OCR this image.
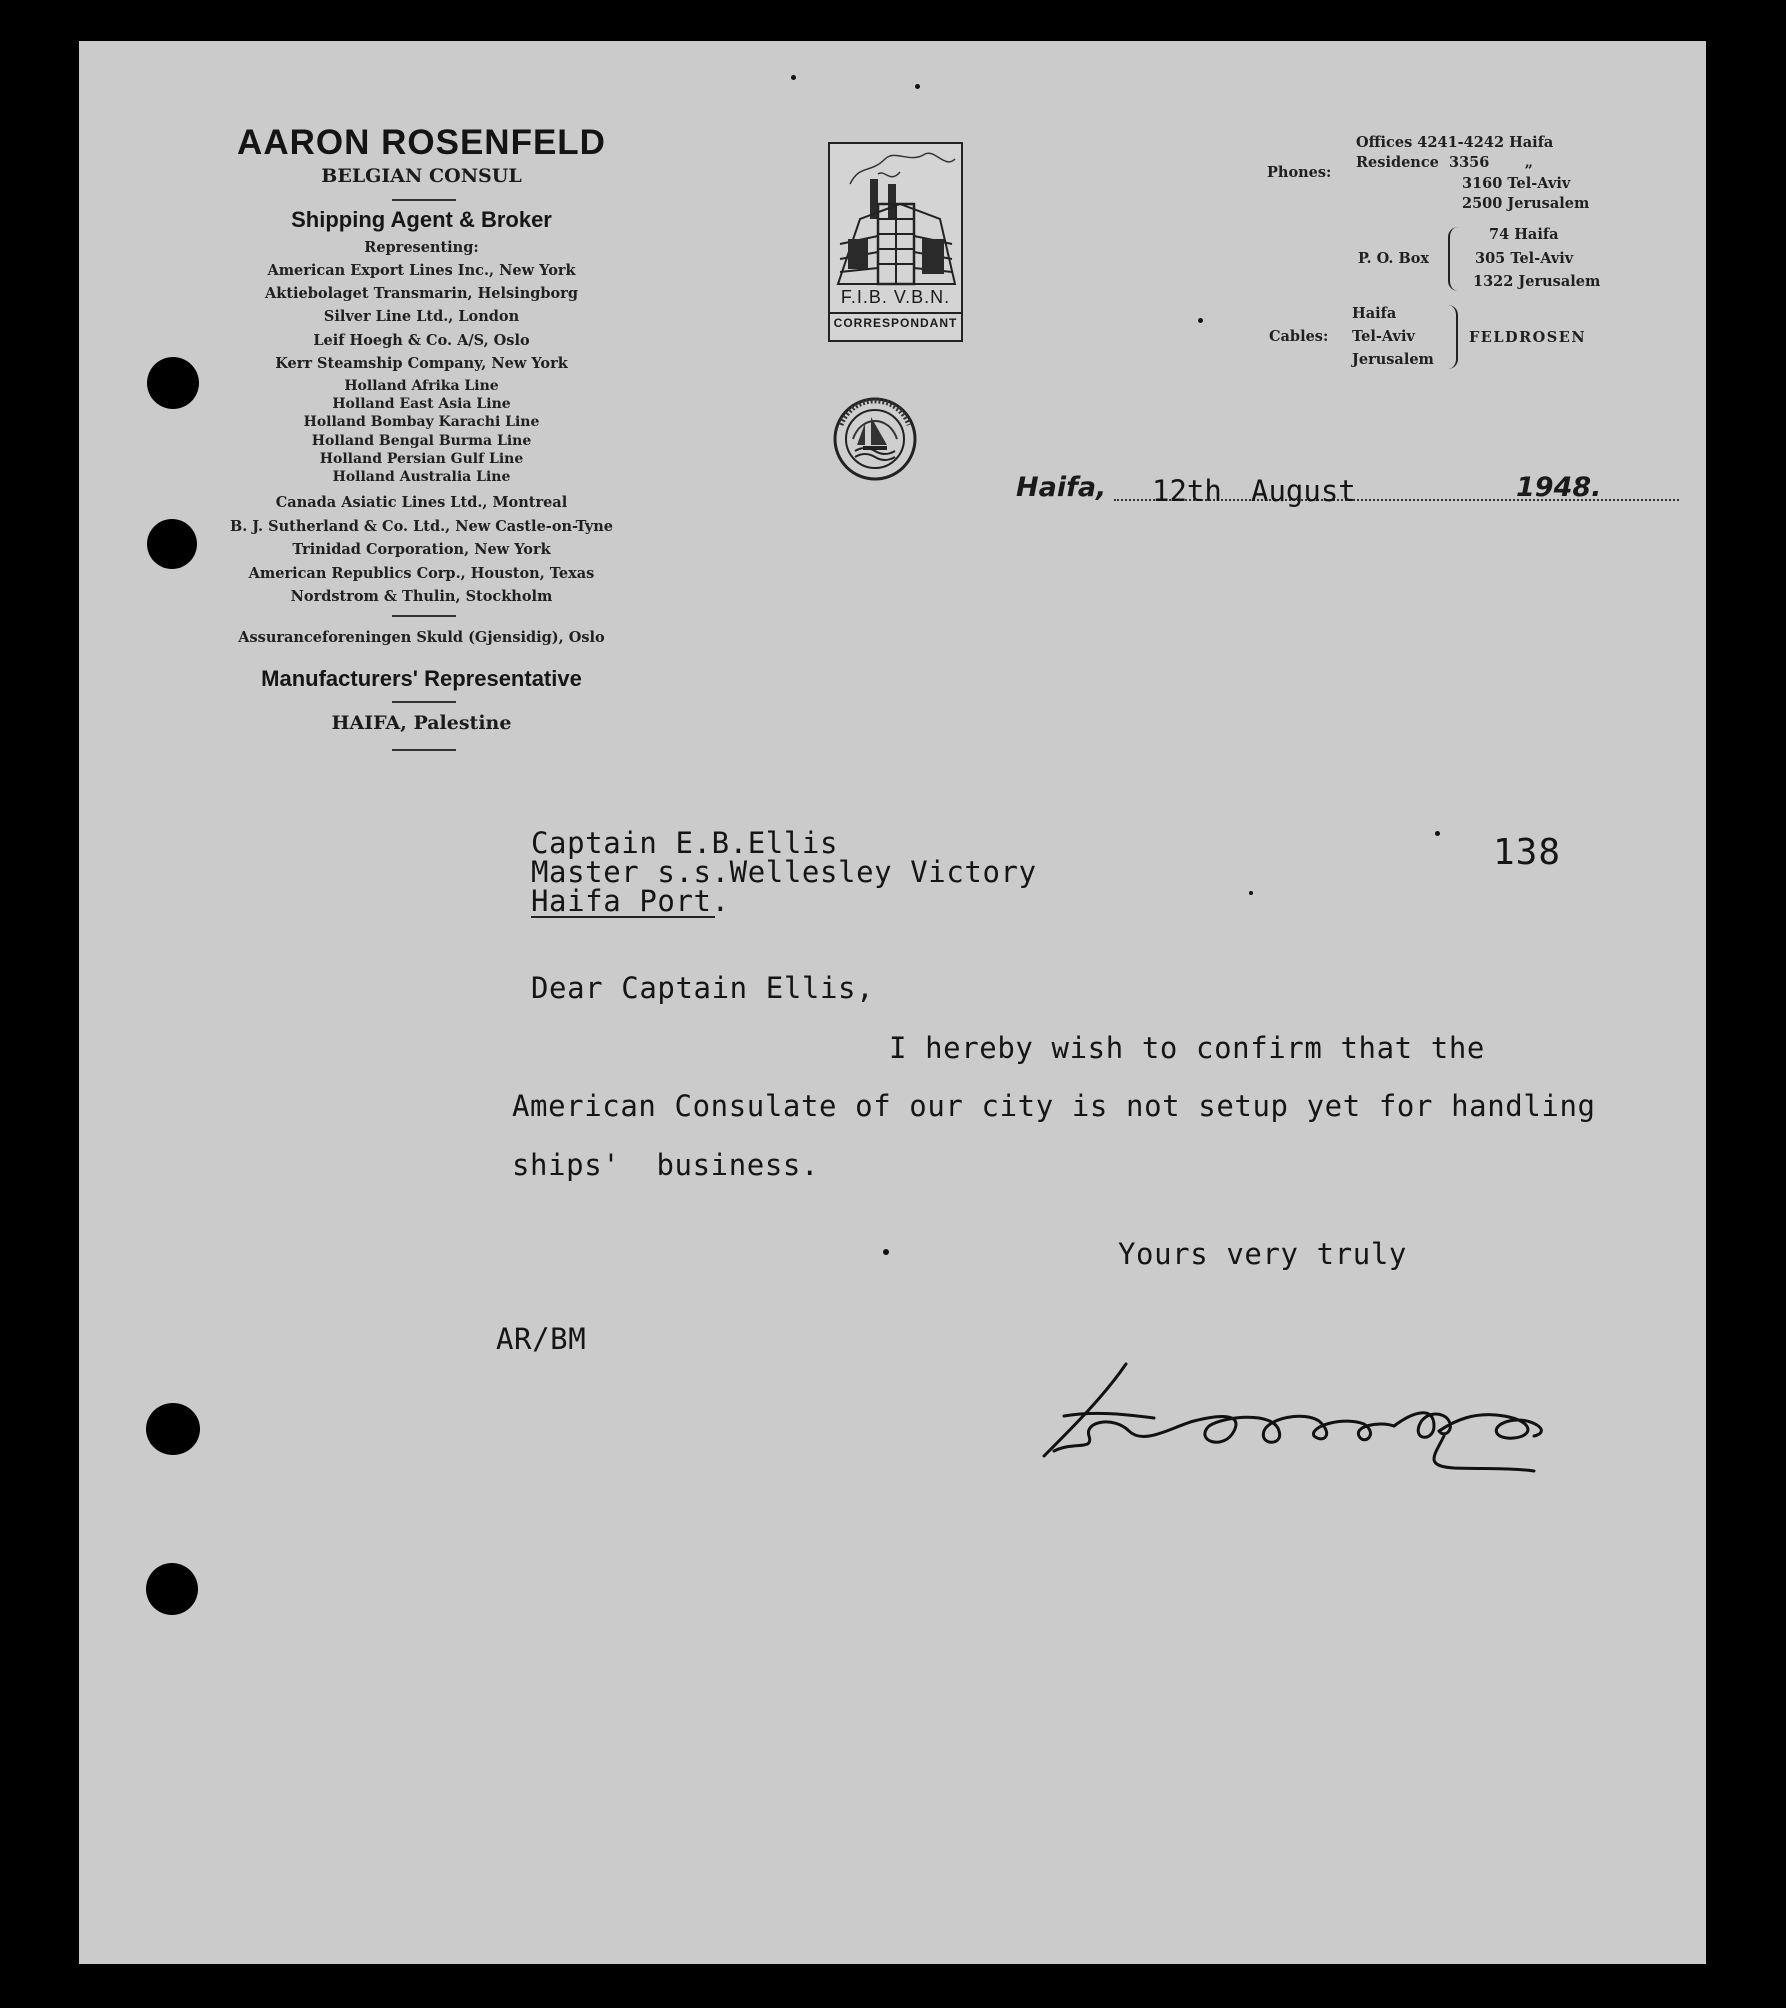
AARON ROSENFELD
BELGIAN CONSUL
Shipping Agent & Broker
Representing:
American Export Lines Inc., New York
Aktiebolaget Transmarin, Helsingborg
Silver Line Ltd., London
Leif Hoegh & Co. A/S, Oslo
Kerr Steamship Company, New York
Holland Afrika Line
Holland East Asia Line
Holland Bombay Karachi Line
Holland Bengal Burma Line
Holland Persian Gulf Line
Holland Australia Line
Canada Asiatic Lines Ltd., Montreal
B. J. Sutherland & Co. Ltd., New Castle-on-Tyne
Trinidad Corporation, New York
American Republics Corp., Houston, Texas
Nordstrom & Thulin, Stockholm
Assuranceforeningen Skuld (Gjensidig), Oslo
Manufacturers' Representative
HAIFA, Palestine
F.I.B. V.B.N.
CORRESPONDANT
Offices 4241-4242 Haifa
Residence  3356       „
3160 Tel-Aviv
2500 Jerusalem
Phones:
P. O. Box
74 Haifa
305 Tel-Aviv
1322 Jerusalem
Cables:
Haifa
Tel-Aviv
Jerusalem
FELDROSEN
Haifa, 12th August	1948.
Captain E.B.Ellis
Master s.s.Wellesley Victory
Haifa Port.
138
Dear Captain Ellis,
I hereby wish to confirm that the
American Consulate of our city is not setup yet for handling
ships'  business.
Yours very truly
AR/BM
